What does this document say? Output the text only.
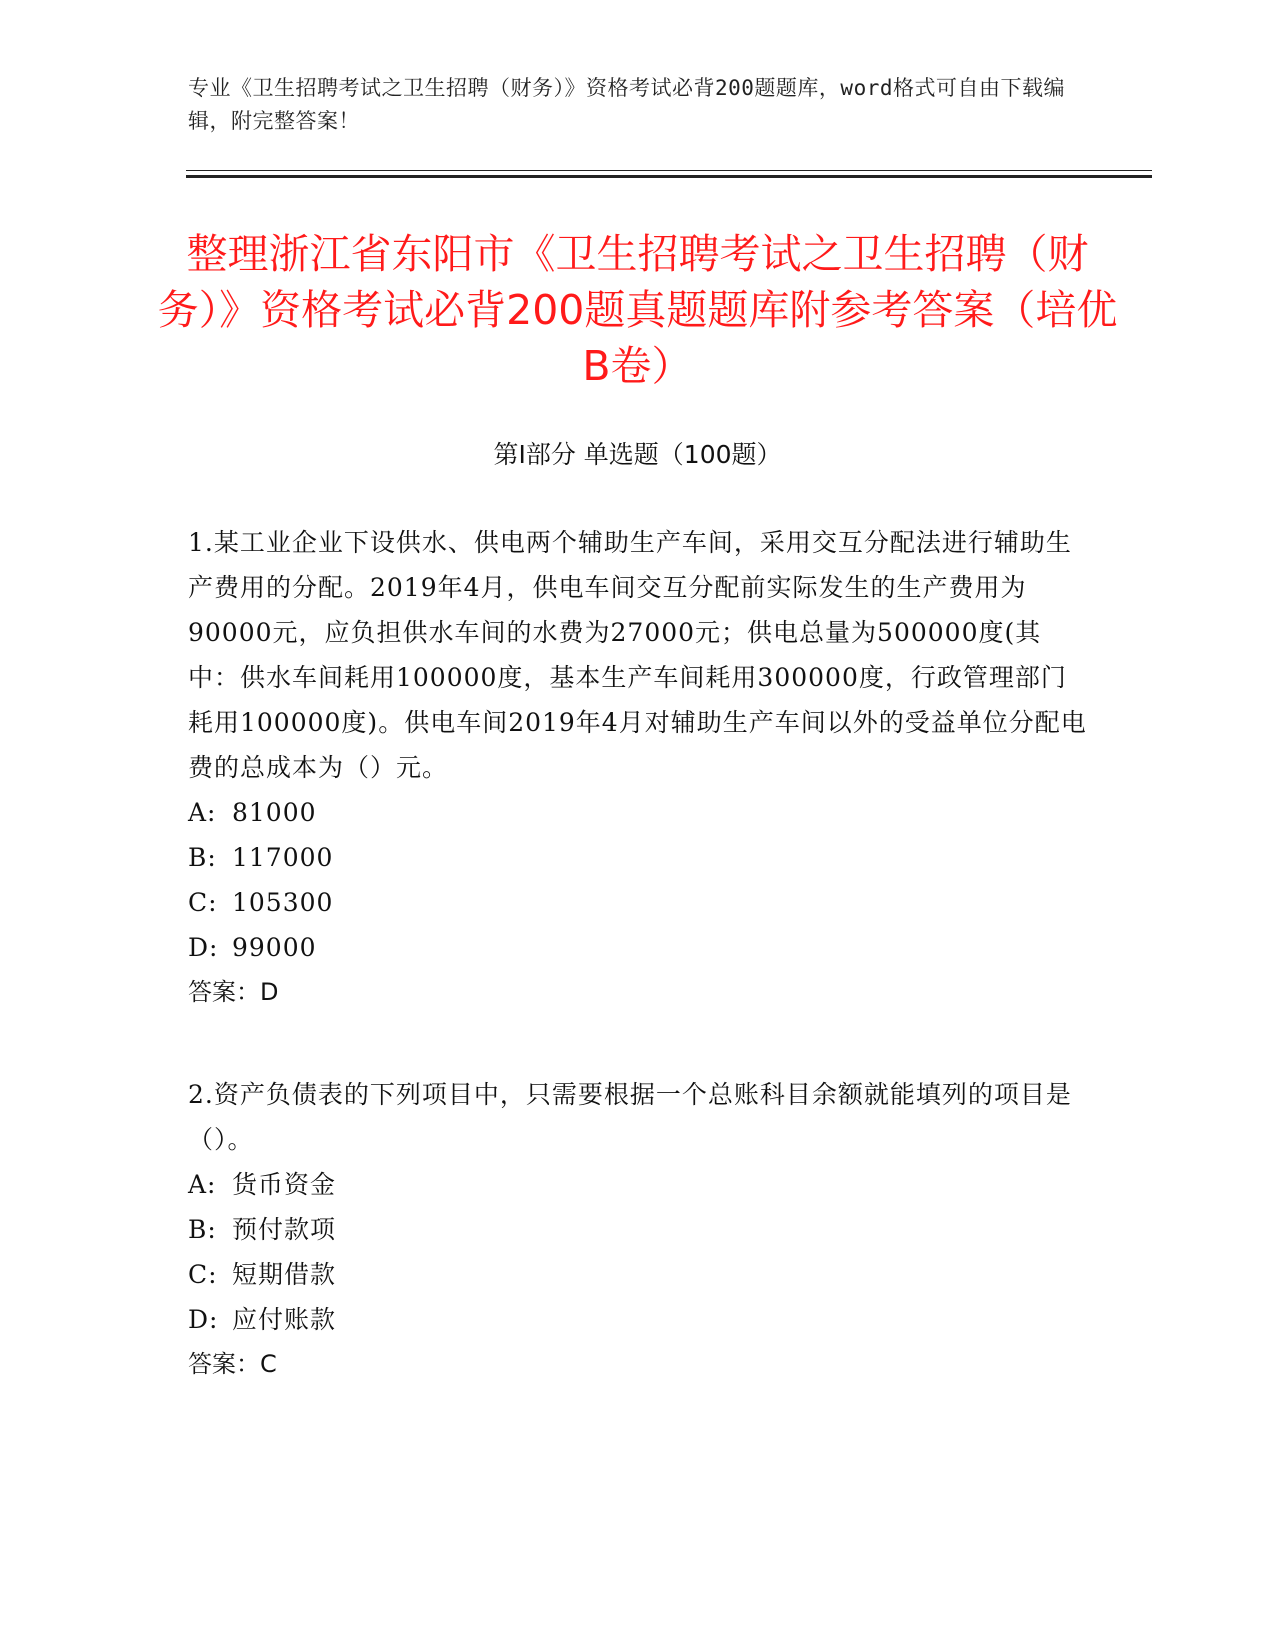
专业《卫生招聘考试之卫生招聘（财务）》资格考试必背200题题库，word格式可自由下载编辑，附完整答案！
整理浙江省东阳市《卫生招聘考试之卫生招聘（财务）》资格考试必背200题真题题库附参考答案（培优B卷）
第I部分 单选题（100题）

1.某工业企业下设供水、供电两个辅助生产车间，采用交互分配法进行辅助生产费用的分配。2019年4月，供电车间交互分配前实际发生的生产费用为90000元，应负担供水车间的水费为27000元；供电总量为500000度(其中：供水车间耗用100000度，基本生产车间耗用300000度，行政管理部门耗用100000度)。供电车间2019年4月对辅助生产车间以外的受益单位分配电费的总成本为（）元。

A: 81000

B: 117000

C: 105300

D: 99000

答案：D

2.资产负债表的下列项目中，只需要根据一个总账科目余额就能填列的项目是（）。

A: 货币资金

B: 预付款项

C: 短期借款

D: 应付账款

答案：C
